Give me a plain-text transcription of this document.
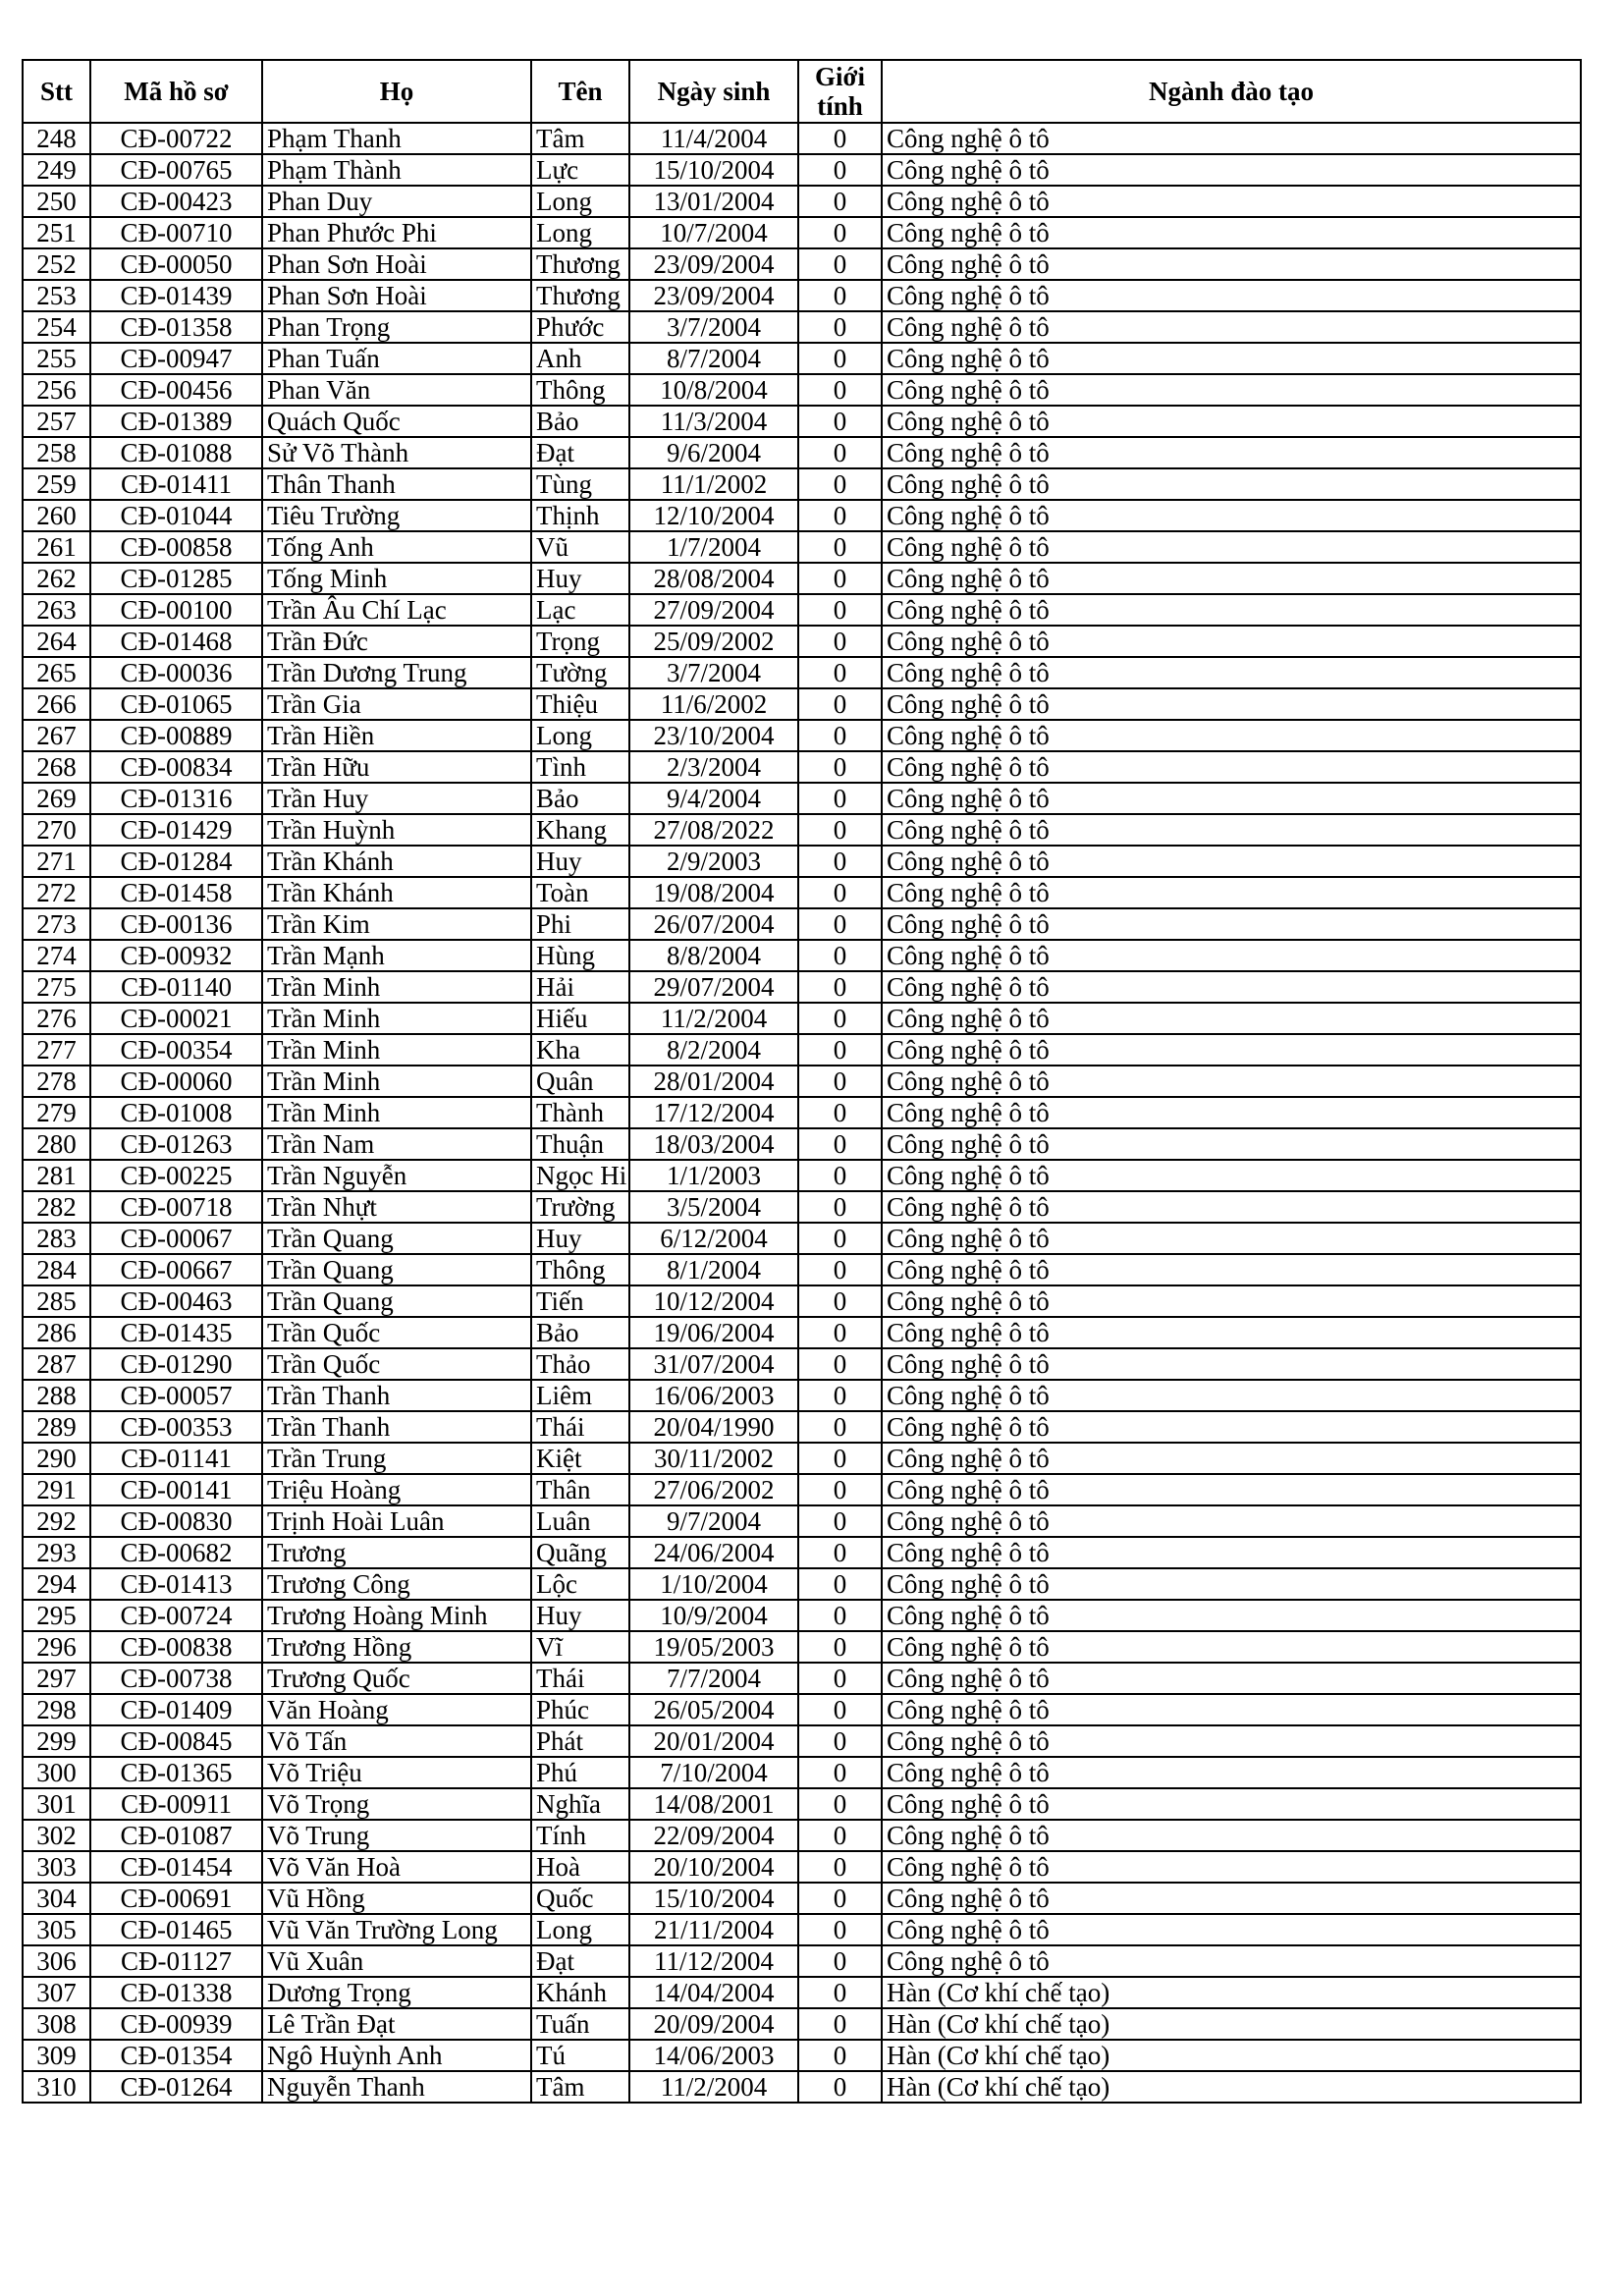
Stt	Mã hồ sơ	Họ	Tên	Ngày sinh	Giới tính	Ngành đào tạo
248	CĐ-00722	Phạm Thanh	Tâm	11/4/2004	0	Công nghệ ô tô
249	CĐ-00765	Phạm Thành	Lực	15/10/2004	0	Công nghệ ô tô
250	CĐ-00423	Phan Duy	Long	13/01/2004	0	Công nghệ ô tô
251	CĐ-00710	Phan Phước Phi	Long	10/7/2004	0	Công nghệ ô tô
252	CĐ-00050	Phan Sơn Hoài	Thương	23/09/2004	0	Công nghệ ô tô
253	CĐ-01439	Phan Sơn Hoài	Thương	23/09/2004	0	Công nghệ ô tô
254	CĐ-01358	Phan Trọng	Phước	3/7/2004	0	Công nghệ ô tô
255	CĐ-00947	Phan Tuấn	Anh	8/7/2004	0	Công nghệ ô tô
256	CĐ-00456	Phan Văn	Thông	10/8/2004	0	Công nghệ ô tô
257	CĐ-01389	Quách Quốc	Bảo	11/3/2004	0	Công nghệ ô tô
258	CĐ-01088	Sử Võ Thành	Đạt	9/6/2004	0	Công nghệ ô tô
259	CĐ-01411	Thân Thanh	Tùng	11/1/2002	0	Công nghệ ô tô
260	CĐ-01044	Tiêu Trường	Thịnh	12/10/2004	0	Công nghệ ô tô
261	CĐ-00858	Tống Anh	Vũ	1/7/2004	0	Công nghệ ô tô
262	CĐ-01285	Tống Minh	Huy	28/08/2004	0	Công nghệ ô tô
263	CĐ-00100	Trần Âu Chí Lạc	Lạc	27/09/2004	0	Công nghệ ô tô
264	CĐ-01468	Trần Đức	Trọng	25/09/2002	0	Công nghệ ô tô
265	CĐ-00036	Trần Dương Trung	Tường	3/7/2004	0	Công nghệ ô tô
266	CĐ-01065	Trần Gia	Thiệu	11/6/2002	0	Công nghệ ô tô
267	CĐ-00889	Trần Hiền	Long	23/10/2004	0	Công nghệ ô tô
268	CĐ-00834	Trần Hữu	Tình	2/3/2004	0	Công nghệ ô tô
269	CĐ-01316	Trần Huy	Bảo	9/4/2004	0	Công nghệ ô tô
270	CĐ-01429	Trần Huỳnh	Khang	27/08/2022	0	Công nghệ ô tô
271	CĐ-01284	Trần Khánh	Huy	2/9/2003	0	Công nghệ ô tô
272	CĐ-01458	Trần Khánh	Toàn	19/08/2004	0	Công nghệ ô tô
273	CĐ-00136	Trần Kim	Phi	26/07/2004	0	Công nghệ ô tô
274	CĐ-00932	Trần Mạnh	Hùng	8/8/2004	0	Công nghệ ô tô
275	CĐ-01140	Trần Minh	Hải	29/07/2004	0	Công nghệ ô tô
276	CĐ-00021	Trần Minh	Hiếu	11/2/2004	0	Công nghệ ô tô
277	CĐ-00354	Trần Minh	Kha	8/2/2004	0	Công nghệ ô tô
278	CĐ-00060	Trần Minh	Quân	28/01/2004	0	Công nghệ ô tô
279	CĐ-01008	Trần Minh	Thành	17/12/2004	0	Công nghệ ô tô
280	CĐ-01263	Trần Nam	Thuận	18/03/2004	0	Công nghệ ô tô
281	CĐ-00225	Trần Nguyễn	Ngọc Hi	1/1/2003	0	Công nghệ ô tô
282	CĐ-00718	Trần Nhựt	Trường	3/5/2004	0	Công nghệ ô tô
283	CĐ-00067	Trần Quang	Huy	6/12/2004	0	Công nghệ ô tô
284	CĐ-00667	Trần Quang	Thông	8/1/2004	0	Công nghệ ô tô
285	CĐ-00463	Trần Quang	Tiến	10/12/2004	0	Công nghệ ô tô
286	CĐ-01435	Trần Quốc	Bảo	19/06/2004	0	Công nghệ ô tô
287	CĐ-01290	Trần Quốc	Thảo	31/07/2004	0	Công nghệ ô tô
288	CĐ-00057	Trần Thanh	Liêm	16/06/2003	0	Công nghệ ô tô
289	CĐ-00353	Trần Thanh	Thái	20/04/1990	0	Công nghệ ô tô
290	CĐ-01141	Trần Trung	Kiệt	30/11/2002	0	Công nghệ ô tô
291	CĐ-00141	Triệu Hoàng	Thân	27/06/2002	0	Công nghệ ô tô
292	CĐ-00830	Trịnh Hoài Luân	Luân	9/7/2004	0	Công nghệ ô tô
293	CĐ-00682	Trương	Quãng	24/06/2004	0	Công nghệ ô tô
294	CĐ-01413	Trương Công	Lộc	1/10/2004	0	Công nghệ ô tô
295	CĐ-00724	Trương Hoàng Minh	Huy	10/9/2004	0	Công nghệ ô tô
296	CĐ-00838	Trương Hồng	Vĩ	19/05/2003	0	Công nghệ ô tô
297	CĐ-00738	Trương Quốc	Thái	7/7/2004	0	Công nghệ ô tô
298	CĐ-01409	Văn Hoàng	Phúc	26/05/2004	0	Công nghệ ô tô
299	CĐ-00845	Võ Tấn	Phát	20/01/2004	0	Công nghệ ô tô
300	CĐ-01365	Võ Triệu	Phú	7/10/2004	0	Công nghệ ô tô
301	CĐ-00911	Võ Trọng	Nghĩa	14/08/2001	0	Công nghệ ô tô
302	CĐ-01087	Võ Trung	Tính	22/09/2004	0	Công nghệ ô tô
303	CĐ-01454	Võ Văn Hoà	Hoà	20/10/2004	0	Công nghệ ô tô
304	CĐ-00691	Vũ Hồng	Quốc	15/10/2004	0	Công nghệ ô tô
305	CĐ-01465	Vũ Văn Trường Long	Long	21/11/2004	0	Công nghệ ô tô
306	CĐ-01127	Vũ Xuân	Đạt	11/12/2004	0	Công nghệ ô tô
307	CĐ-01338	Dương Trọng	Khánh	14/04/2004	0	Hàn (Cơ khí chế tạo)
308	CĐ-00939	Lê Trần Đạt	Tuấn	20/09/2004	0	Hàn (Cơ khí chế tạo)
309	CĐ-01354	Ngô Huỳnh Anh	Tú	14/06/2003	0	Hàn (Cơ khí chế tạo)
310	CĐ-01264	Nguyễn Thanh	Tâm	11/2/2004	0	Hàn (Cơ khí chế tạo)
